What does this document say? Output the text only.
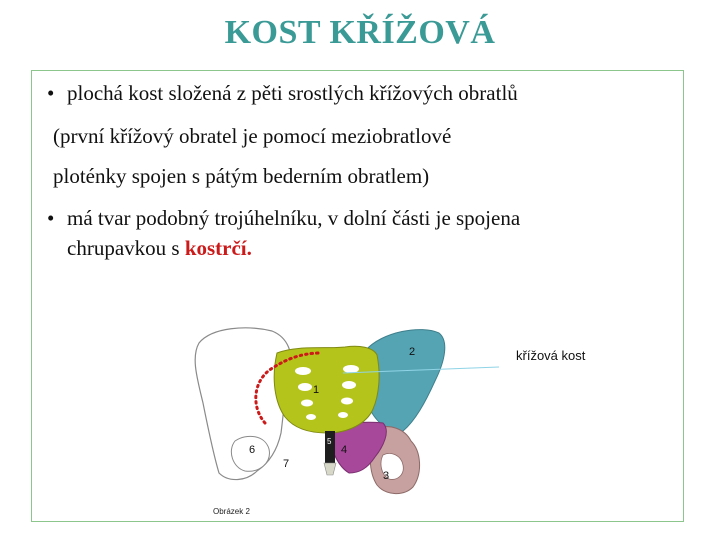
KOST KŘÍŽOVÁ
• plochá kost složená z pěti srostlých křížových obratlů
(první křížový obratel je pomocí meziobratlové
ploténky spojen s pátým bederním obratlem)
• má tvar podobný trojúhelníku, v dolní části je spojena
chrupavkou s kostrčí.
1
2
3
4
5
6
7
křížová kost
Obrázek 2
